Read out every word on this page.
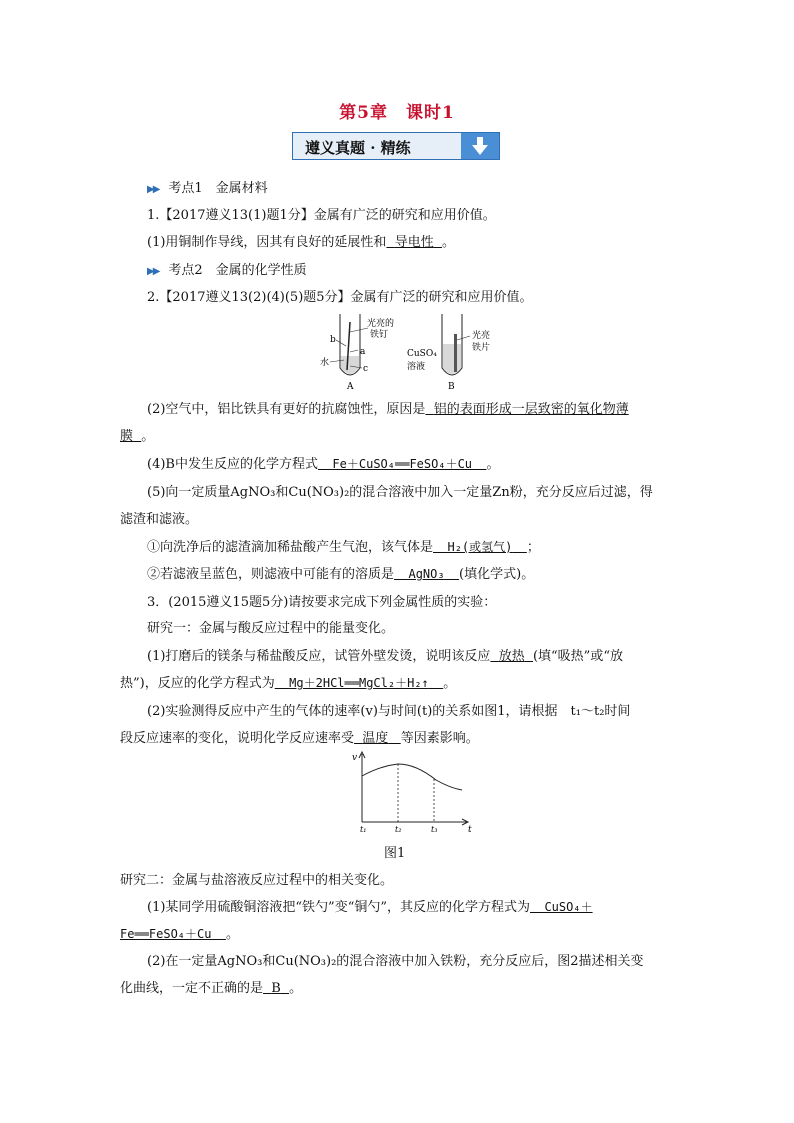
第5章　课时1
遵义真题 · 精练
▶▶ 考点1　金属材料
1.【2017遵义13(1)题1分】金属有广泛的研究和应用价值。
(1)用铜制作导线，因其有良好的延展性和 导电性 。
▶▶ 考点2　金属的化学性质
2.【2017遵义13(2)(4)(5)题5分】金属有广泛的研究和应用价值。
光亮的
铁钉
b
a
c
水
A
光亮
铁片
CuSO₄
溶液
B
(2)空气中，铝比铁具有更好的抗腐蚀性，原因是 铝的表面形成一层致密的氧化物薄
膜 。
(4)B中发生反应的化学方程式 Fe＋CuSO₄══FeSO₄＋Cu 。
(5)向一定质量AgNO₃和Cu(NO₃)₂的混合溶液中加入一定量Zn粉，充分反应后过滤，得
滤渣和滤液。
①向洗净后的滤渣滴加稀盐酸产生气泡，该气体是 H₂(或氢气) ；
②若滤液呈蓝色，则滤液中可能有的溶质是 AgNO₃ (填化学式)。
3．(2015遵义15题5分)请按要求完成下列金属性质的实验：
研究一：金属与酸反应过程中的能量变化。
(1)打磨后的镁条与稀盐酸反应，试管外壁发烫，说明该反应 放热 (填“吸热”或“放
热”)，反应的化学方程式为 Mg＋2HCl══MgCl₂＋H₂↑ 。
(2)实验测得反应中产生的气体的速率(v)与时间(t)的关系如图1，请根据　t₁～t₂时间
段反应速率的变化，说明化学反应速率受 温度 等因素影响。
v
t
t₁	t₂	t₃
图1
研究二：金属与盐溶液反应过程中的相关变化。
(1)某同学用硫酸铜溶液把“铁勺”变“铜勺”，其反应的化学方程式为 CuSO₄＋
Fe══FeSO₄＋Cu 。
(2)在一定量AgNO₃和Cu(NO₃)₂的混合溶液中加入铁粉，充分反应后，图2描述相关变
化曲线，一定不正确的是 B 。
